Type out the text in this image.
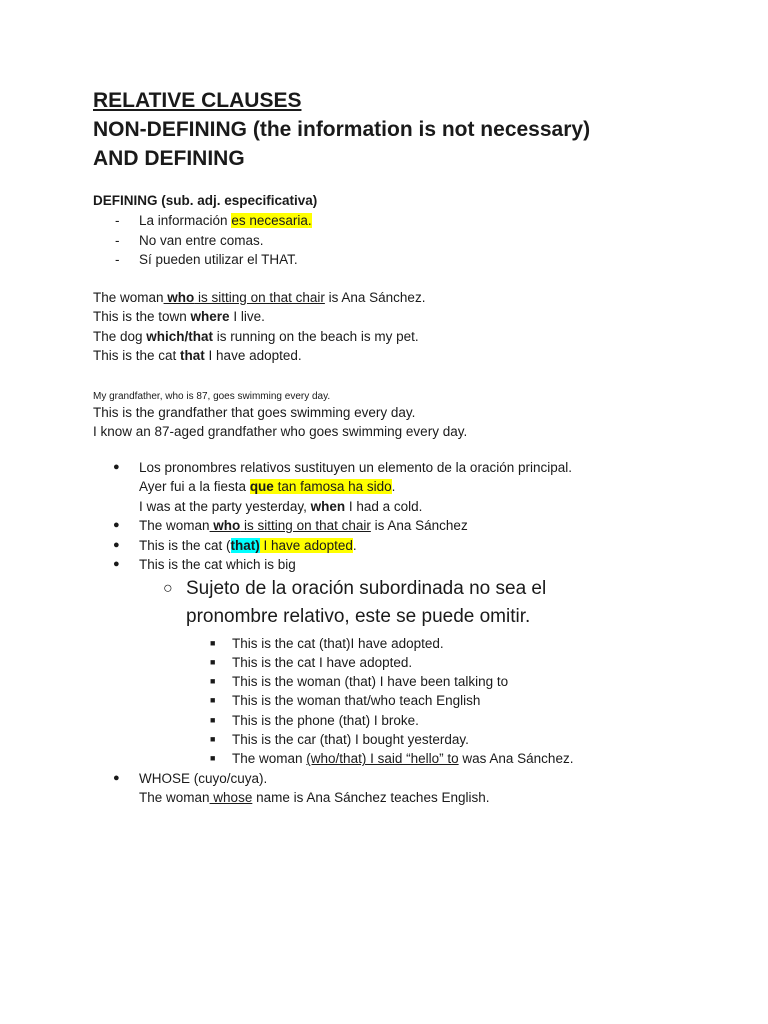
RELATIVE CLAUSES
NON-DEFINING (the information is not necessary)
AND DEFINING
DEFINING (sub. adj. especificativa)
- La información es necesaria.
- No van entre comas.
- Sí pueden utilizar el THAT.
The woman who is sitting on that chair is Ana Sánchez.
This is the town where I live.
The dog which/that is running on the beach is my pet.
This is the cat that I have adopted.
My grandfather, who is 87, goes swimming every day.
This is the grandfather that goes swimming every day.
I know an 87-aged grandfather who goes swimming every day.
● Los pronombres relativos sustituyen un elemento de la oración principal.
Ayer fui a la fiesta que tan famosa ha sido.
I was at the party yesterday, when I had a cold.
● The woman who is sitting on that chair is Ana Sánchez
● This is the cat (that) I have adopted.
● This is the cat which is big
○ Sujeto de la oración subordinada no sea el
pronombre relativo, este se puede omitir.
■ This is the cat (that)I have adopted.
■ This is the cat I have adopted.
■ This is the woman (that) I have been talking to
■ This is the woman that/who teach English
■ This is the phone (that) I broke.
■ This is the car (that) I bought yesterday.
■ The woman (who/that) I said “hello” to was Ana Sánchez.
● WHOSE (cuyo/cuya).
The woman whose name is Ana Sánchez teaches English.
